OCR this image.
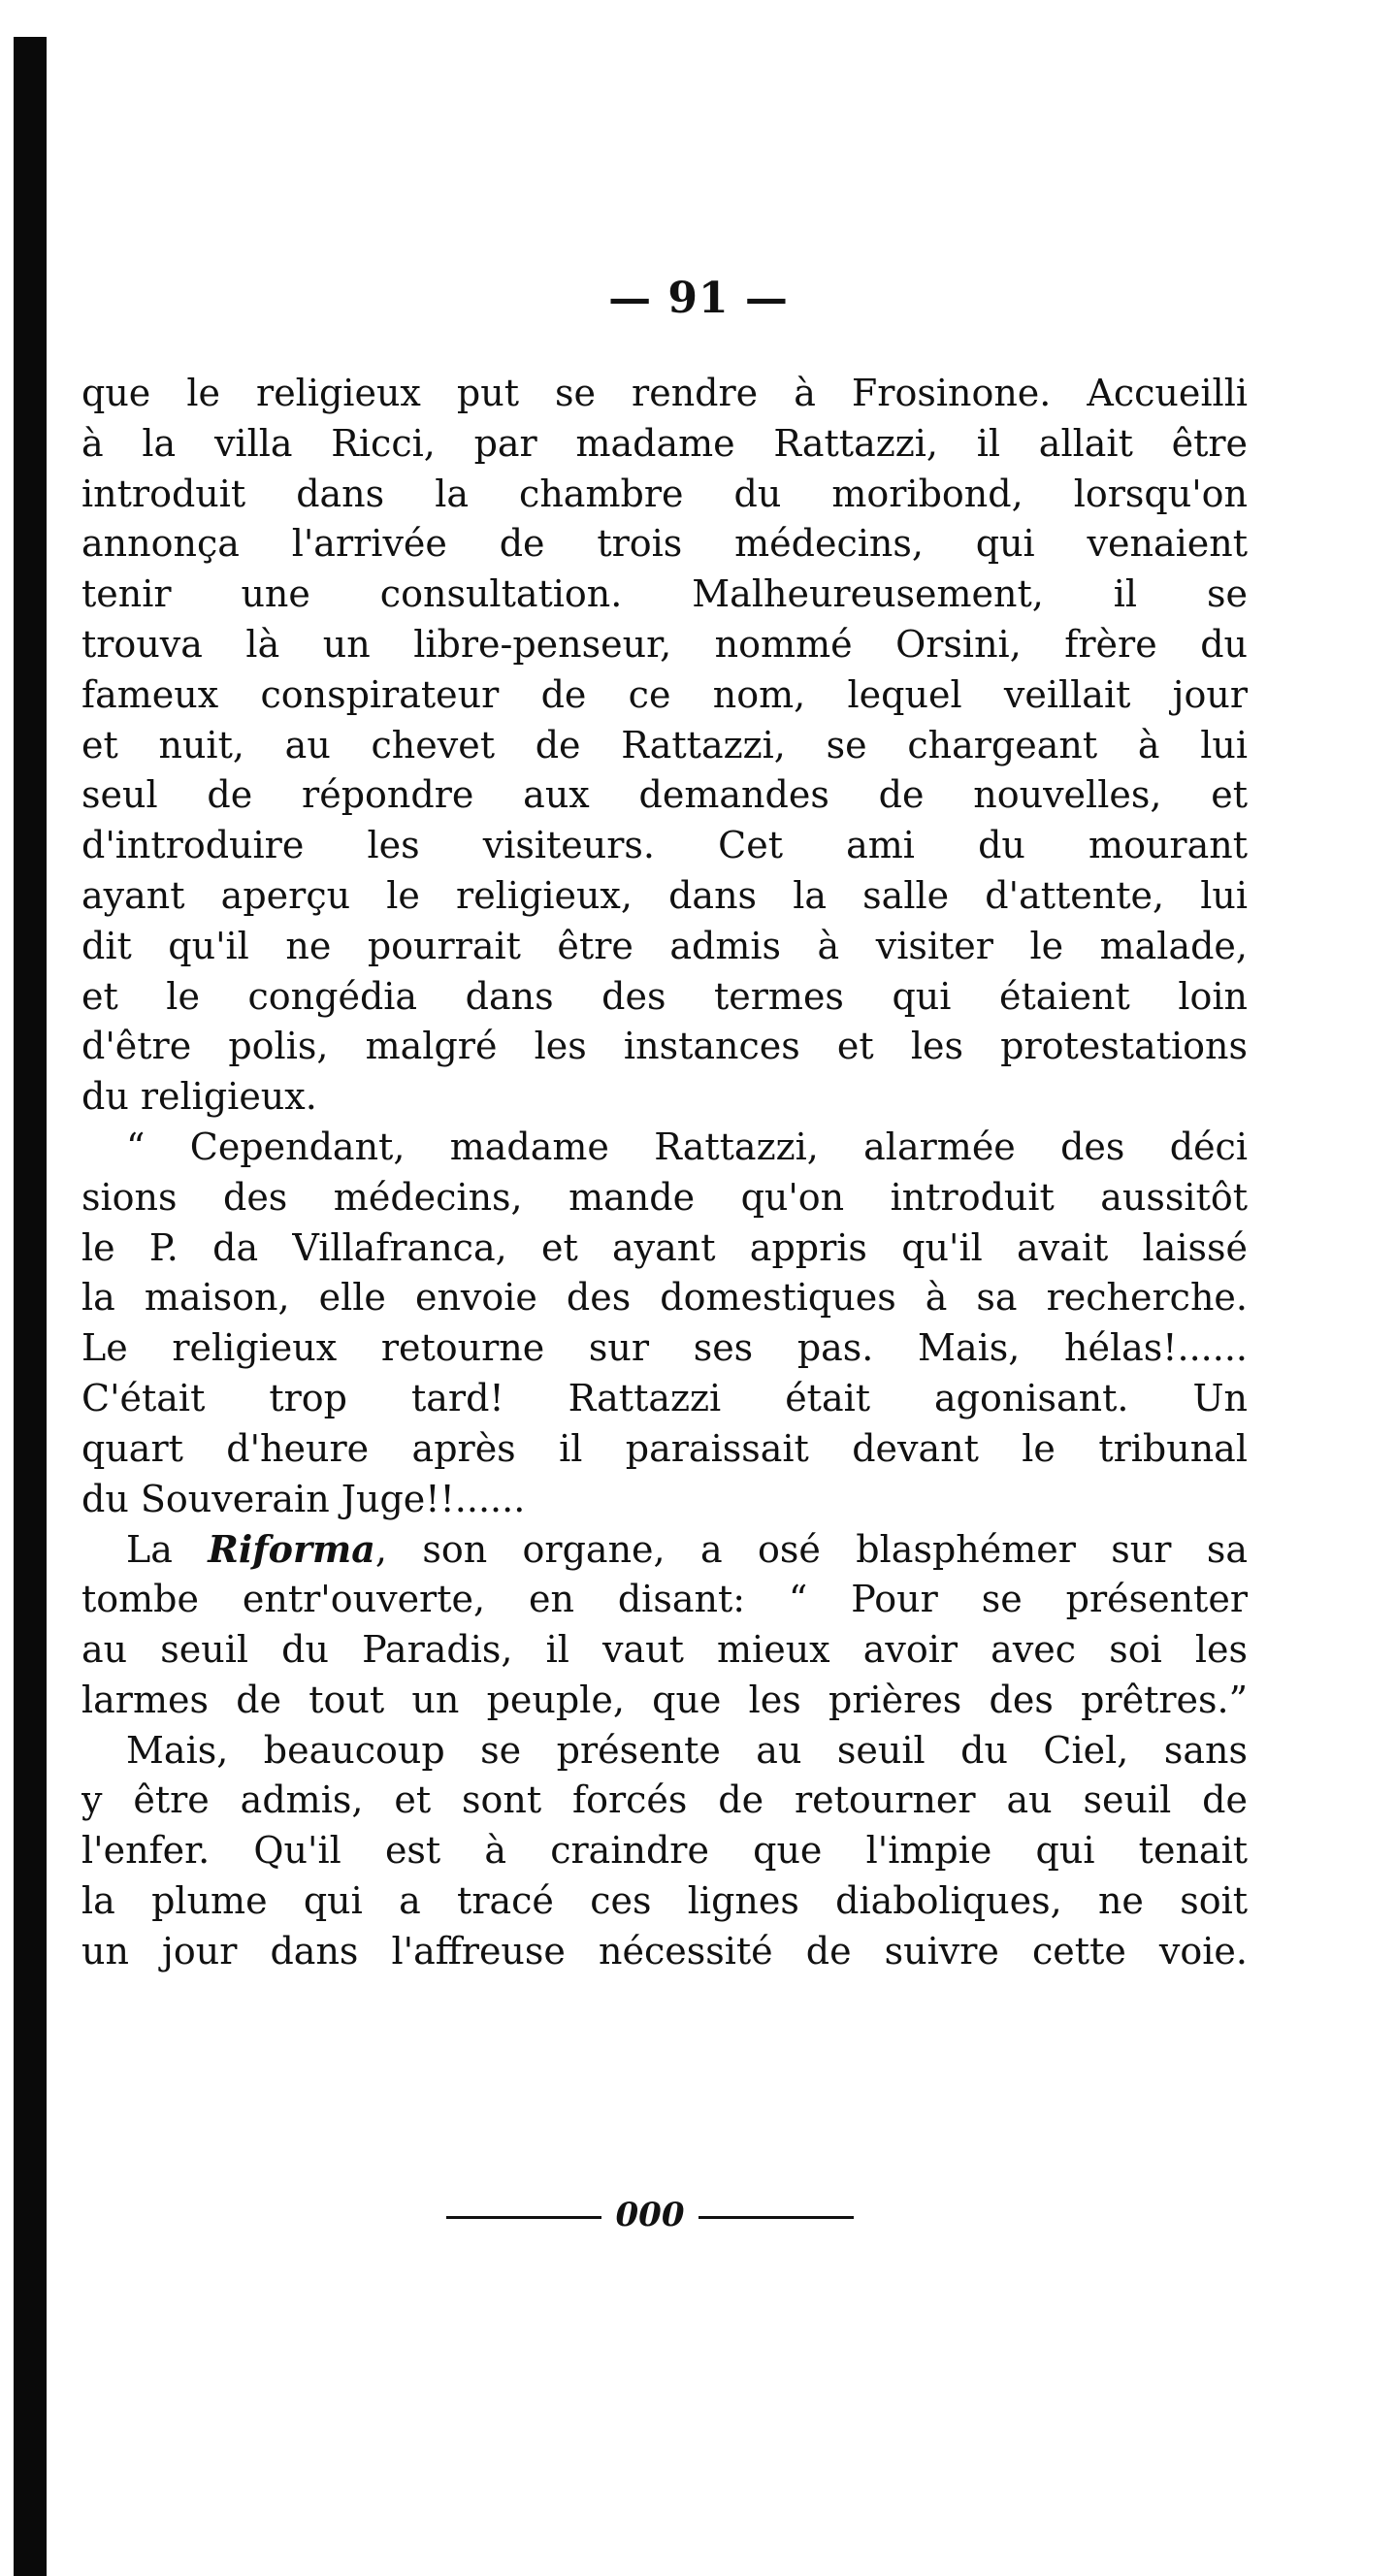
— 91 —
que le religieux put se rendre à Frosinone. Accueilli
à la villa Ricci, par madame Rattazzi, il allait être
introduit dans la chambre du moribond, lorsqu'on
annonça l'arrivée de trois médecins, qui venaient
tenir une consultation. Malheureusement, il se
trouva là un libre-penseur, nommé Orsini, frère du
fameux conspirateur de ce nom, lequel veillait jour
et nuit, au chevet de Rattazzi, se chargeant à lui
seul de répondre aux demandes de nouvelles, et
d'introduire les visiteurs. Cet ami du mourant
ayant aperçu le religieux, dans la salle d'attente, lui
dit qu'il ne pourrait être admis à visiter le malade,
et le congédia dans des termes qui étaient loin
d'être polis, malgré les instances et les protestations
du religieux.
“ Cependant, madame Rattazzi, alarmée des déci
sions des médecins, mande qu'on introduit aussitôt
le P. da Villafranca, et ayant appris qu'il avait laissé
la maison, elle envoie des domestiques à sa recherche.
Le religieux retourne sur ses pas. Mais, hélas!......
C'était trop tard! Rattazzi était agonisant. Un
quart d'heure après il paraissait devant le tribunal
du Souverain Juge!!......
La Riforma, son organe, a osé blasphémer sur sa
tombe entr'ouverte, en disant: “ Pour se présenter
au seuil du Paradis, il vaut mieux avoir avec soi les
larmes de tout un peuple, que les prières des prêtres.”
Mais, beaucoup se présente au seuil du Ciel, sans
y être admis, et sont forcés de retourner au seuil de
l'enfer. Qu'il est à craindre que l'impie qui tenait
la plume qui a tracé ces lignes diaboliques, ne soit
un jour dans l'affreuse nécessité de suivre cette voie.
000
